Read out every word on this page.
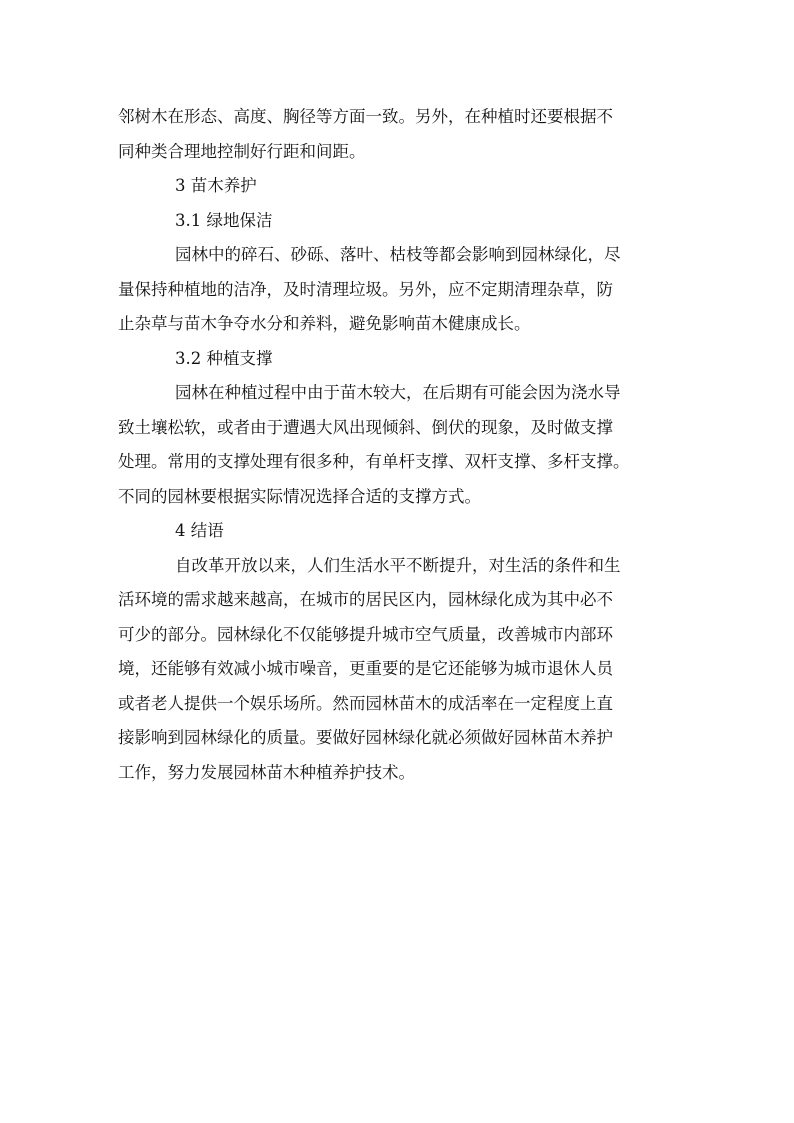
邻树木在形态、高度、胸径等方面一致。另外，在种植时还要根据不
同种类合理地控制好行距和间距。
3 苗木养护
3.1 绿地保洁
园林中的碎石、砂砾、落叶、枯枝等都会影响到园林绿化，尽
量保持种植地的洁净，及时清理垃圾。另外，应不定期清理杂草，防
止杂草与苗木争夺水分和养料，避免影响苗木健康成长。
3.2 种植支撑
园林在种植过程中由于苗木较大，在后期有可能会因为浇水导
致土壤松软，或者由于遭遇大风出现倾斜、倒伏的现象，及时做支撑
处理。常用的支撑处理有很多种，有单杆支撑、双杆支撑、多杆支撑。
不同的园林要根据实际情况选择合适的支撑方式。
4 结语
自改革开放以来，人们生活水平不断提升，对生活的条件和生
活环境的需求越来越高，在城市的居民区内，园林绿化成为其中必不
可少的部分。园林绿化不仅能够提升城市空气质量，改善城市内部环
境，还能够有效减小城市噪音，更重要的是它还能够为城市退休人员
或者老人提供一个娱乐场所。然而园林苗木的成活率在一定程度上直
接影响到园林绿化的质量。要做好园林绿化就必须做好园林苗木养护
工作，努力发展园林苗木种植养护技术。
